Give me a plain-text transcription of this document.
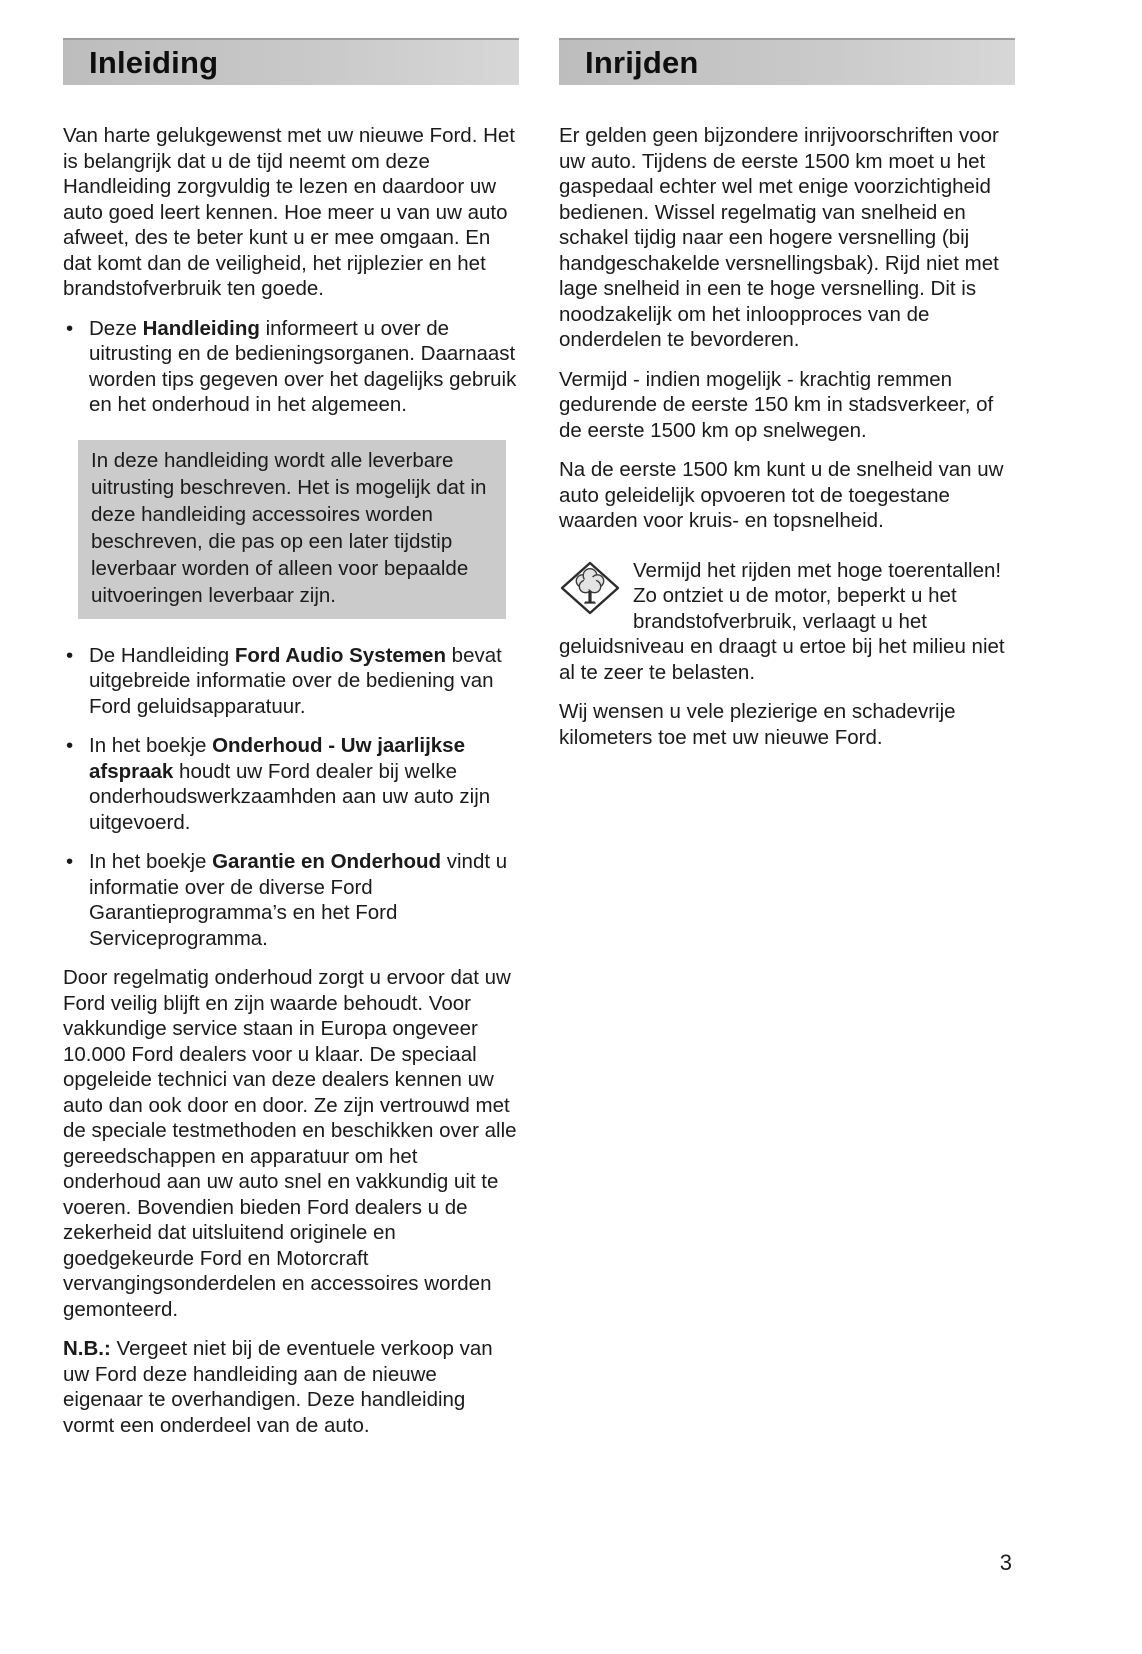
Inleiding

Van harte gelukgewenst met uw nieuwe Ford. Het is belangrijk dat u de tijd neemt om deze Handleiding zorgvuldig te lezen en daardoor uw auto goed leert kennen. Hoe meer u van uw auto afweet, des te beter kunt u er mee omgaan. En dat komt dan de veiligheid, het rijplezier en het brandstofverbruik ten goede.

• Deze Handleiding informeert u over de uitrusting en de bedieningsorganen. Daarnaast worden tips gegeven over het dagelijks gebruik en het onderhoud in het algemeen.
In deze handleiding wordt alle leverbare uitrusting beschreven. Het is mogelijk dat in deze handleiding accessoires worden beschreven, die pas op een later tijdstip leverbaar worden of alleen voor bepaalde uitvoeringen leverbaar zijn.
• De Handleiding Ford Audio Systemen bevat uitgebreide informatie over de bediening van Ford geluidsapparatuur.
• In het boekje Onderhoud - Uw jaarlijkse afspraak houdt uw Ford dealer bij welke onderhoudswerkzaamhden aan uw auto zijn uitgevoerd.
• In het boekje Garantie en Onderhoud vindt u informatie over de diverse Ford Garantieprogramma’s en het Ford Serviceprogramma.

Door regelmatig onderhoud zorgt u ervoor dat uw Ford veilig blijft en zijn waarde behoudt. Voor vakkundige service staan in Europa ongeveer 10.000 Ford dealers voor u klaar. De speciaal opgeleide technici van deze dealers kennen uw auto dan ook door en door. Ze zijn vertrouwd met de speciale testmethoden en beschikken over alle gereedschappen en apparatuur om het onderhoud aan uw auto snel en vakkundig uit te voeren. Bovendien bieden Ford dealers u de zekerheid dat uitsluitend originele en goedgekeurde Ford en Motorcraft vervangingsonderdelen en accessoires worden gemonteerd.

N.B.: Vergeet niet bij de eventuele verkoop van uw Ford deze handleiding aan de nieuwe eigenaar te overhandigen. Deze handleiding vormt een onderdeel van de auto.

Inrijden

Er gelden geen bijzondere inrijvoorschriften voor uw auto. Tijdens de eerste 1500 km moet u het gaspedaal echter wel met enige voorzichtigheid bedienen. Wissel regelmatig van snelheid en schakel tijdig naar een hogere versnelling (bij handgeschakelde versnellingsbak). Rijd niet met lage snelheid in een te hoge versnelling. Dit is noodzakelijk om het inloopproces van de onderdelen te bevorderen.

Vermijd - indien mogelijk - krachtig remmen gedurende de eerste 150 km in stadsverkeer, of de eerste 1500 km op snelwegen.

Na de eerste 1500 km kunt u de snelheid van uw auto geleidelijk opvoeren tot de toegestane waarden voor kruis- en topsnelheid.

Vermijd het rijden met hoge toerentallen! Zo ontziet u de motor, beperkt u het brandstofverbruik, verlaagt u het geluidsniveau en draagt u ertoe bij het milieu niet al te zeer te belasten.

Wij wensen u vele plezierige en schadevrije kilometers toe met uw nieuwe Ford.

3
